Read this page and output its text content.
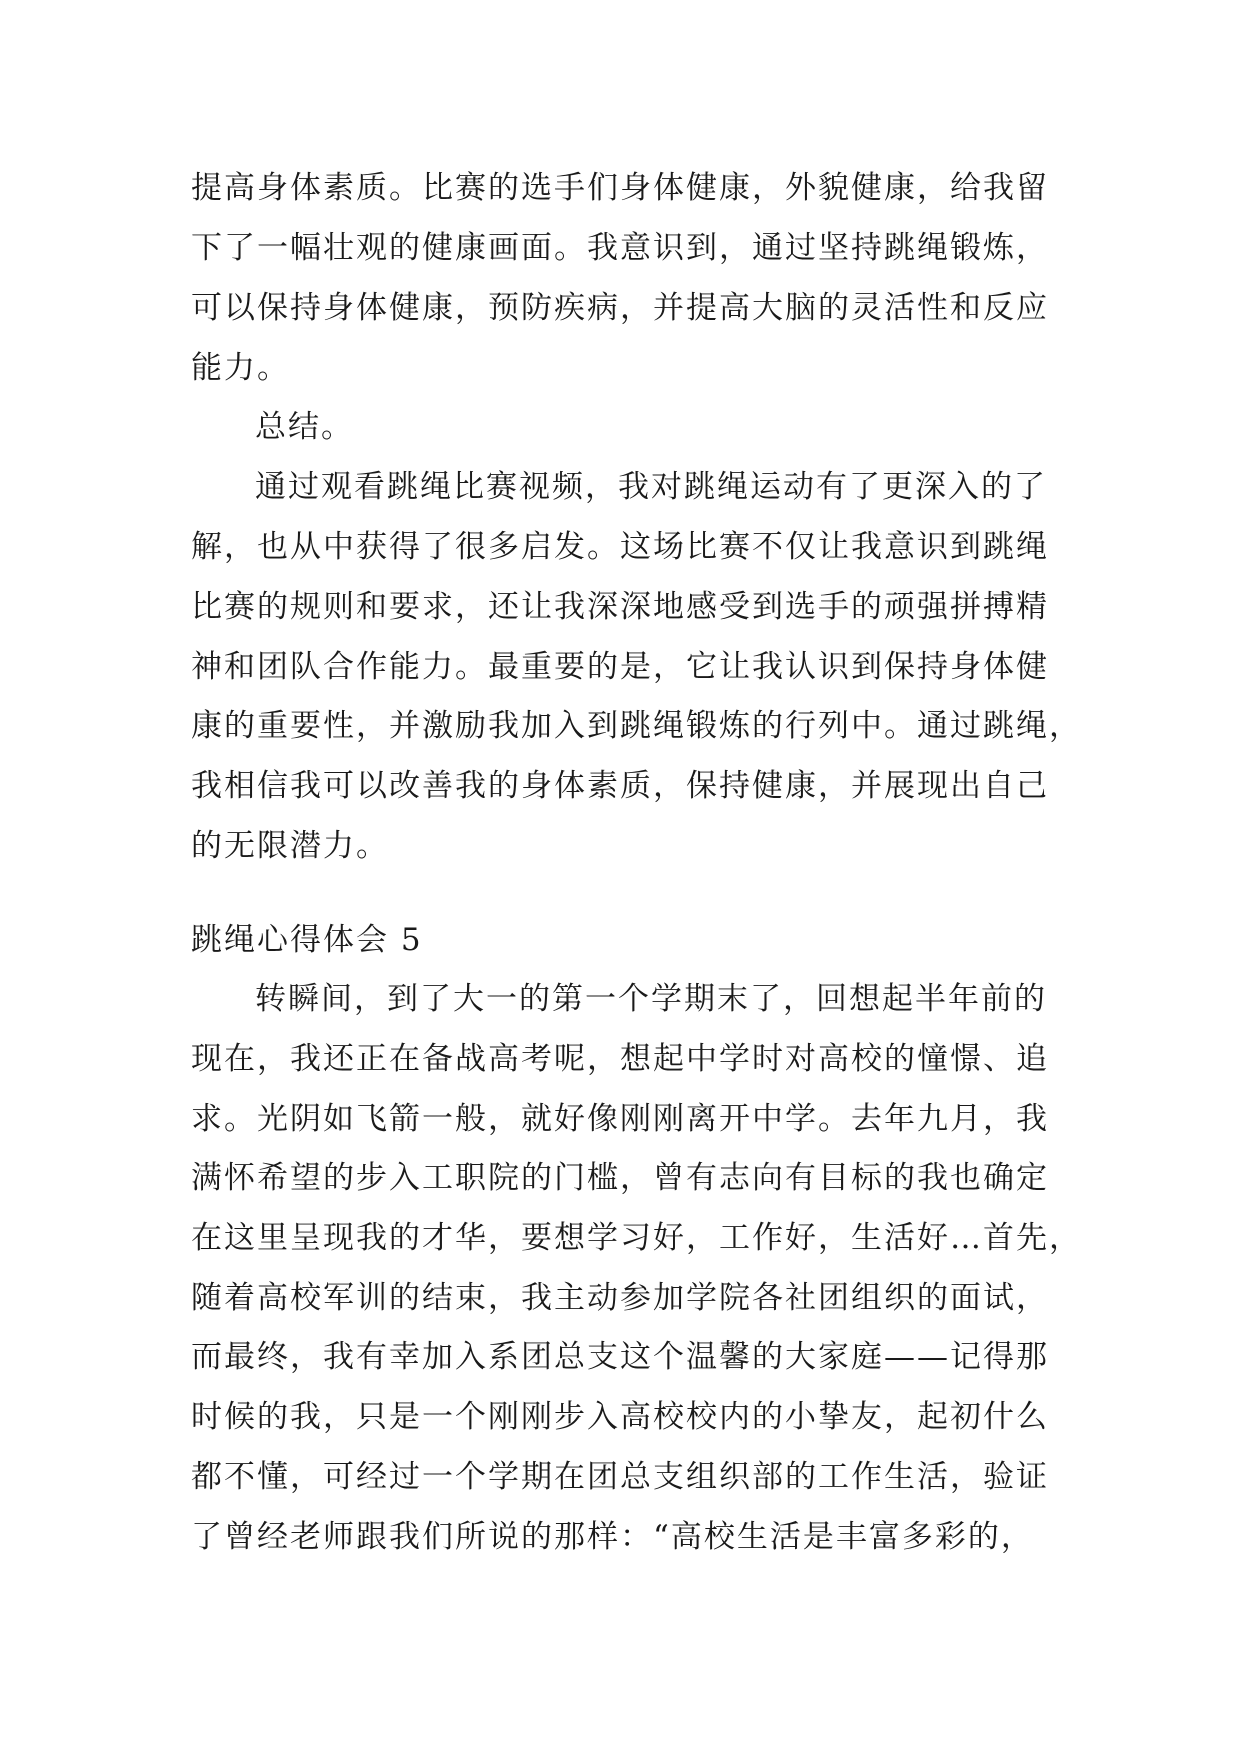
提高身体素质。比赛的选手们身体健康，外貌健康，给我留
下了一幅壮观的健康画面。我意识到，通过坚持跳绳锻炼，
可以保持身体健康，预防疾病，并提高大脑的灵活性和反应
能力。
总结。
通过观看跳绳比赛视频，我对跳绳运动有了更深入的了
解，也从中获得了很多启发。这场比赛不仅让我意识到跳绳
比赛的规则和要求，还让我深深地感受到选手的顽强拼搏精
神和团队合作能力。最重要的是，它让我认识到保持身体健
康的重要性，并激励我加入到跳绳锻炼的行列中。通过跳绳，
我相信我可以改善我的身体素质，保持健康，并展现出自己
的无限潜力。
跳绳心得体会 5
转瞬间，到了大一的第一个学期末了，回想起半年前的
现在，我还正在备战高考呢，想起中学时对高校的憧憬、追
求。光阴如飞箭一般，就好像刚刚离开中学。去年九月，我
满怀希望的步入工职院的门槛，曾有志向有目标的我也确定
在这里呈现我的才华，要想学习好，工作好，生活好…首先，
随着高校军训的结束，我主动参加学院各社团组织的面试，
而最终，我有幸加入系团总支这个温馨的大家庭——记得那
时候的我，只是一个刚刚步入高校校内的小挚友，起初什么
都不懂，可经过一个学期在团总支组织部的工作生活，验证
了曾经老师跟我们所说的那样：“高校生活是丰富多彩的，
